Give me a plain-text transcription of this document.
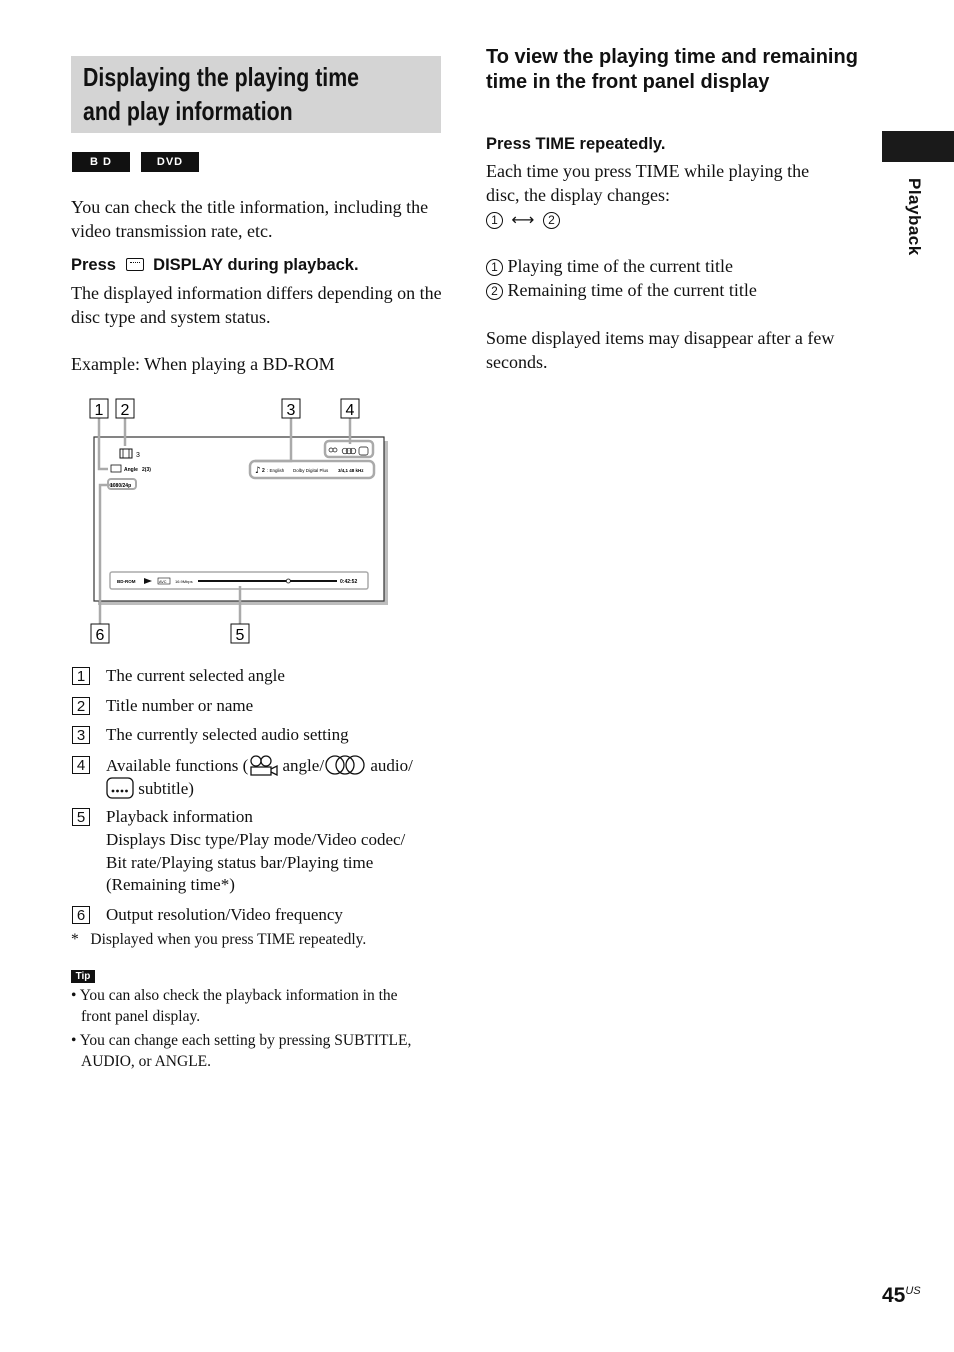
Displaying the playing time
and play information
B D	DVD
You can check the title information, including the video transmission rate, etc.
Press DISPLAY during playback.
The displayed information differs depending on the disc type and system status.
Example: When playing a BD-ROM
3
Angle 2(3)	♪ 2 : English Dolby Digital Plus 3/4,1 48 kHz
1080/24p
BD-ROM	AVC 16.9Mbps	0:42:52
1 2	3	4
5
6
1 The current selected angle
2 Title number or name
3 The currently selected audio setting
4 Available functions ( angle/	audio/
subtitle)
5 Playback information
Displays Disc type/Play mode/Video codec/
Bit rate/Playing status bar/Playing time
(Remaining time*)
6 Output resolution/Video frequency
*   Displayed when you press TIME repeatedly.
Tip
• You can also check the playback information in the
front panel display.
• You can change each setting by pressing SUBTITLE,
AUDIO, or ANGLE.
To view the playing time and remaining time in the front panel display
Press TIME repeatedly.
Each time you press TIME while playing the
disc, the display changes:
1 ⟷ 2
1 Playing time of the current title
2 Remaining time of the current title
Some displayed items may disappear after a few
seconds.
Playback
$45^{US}$
